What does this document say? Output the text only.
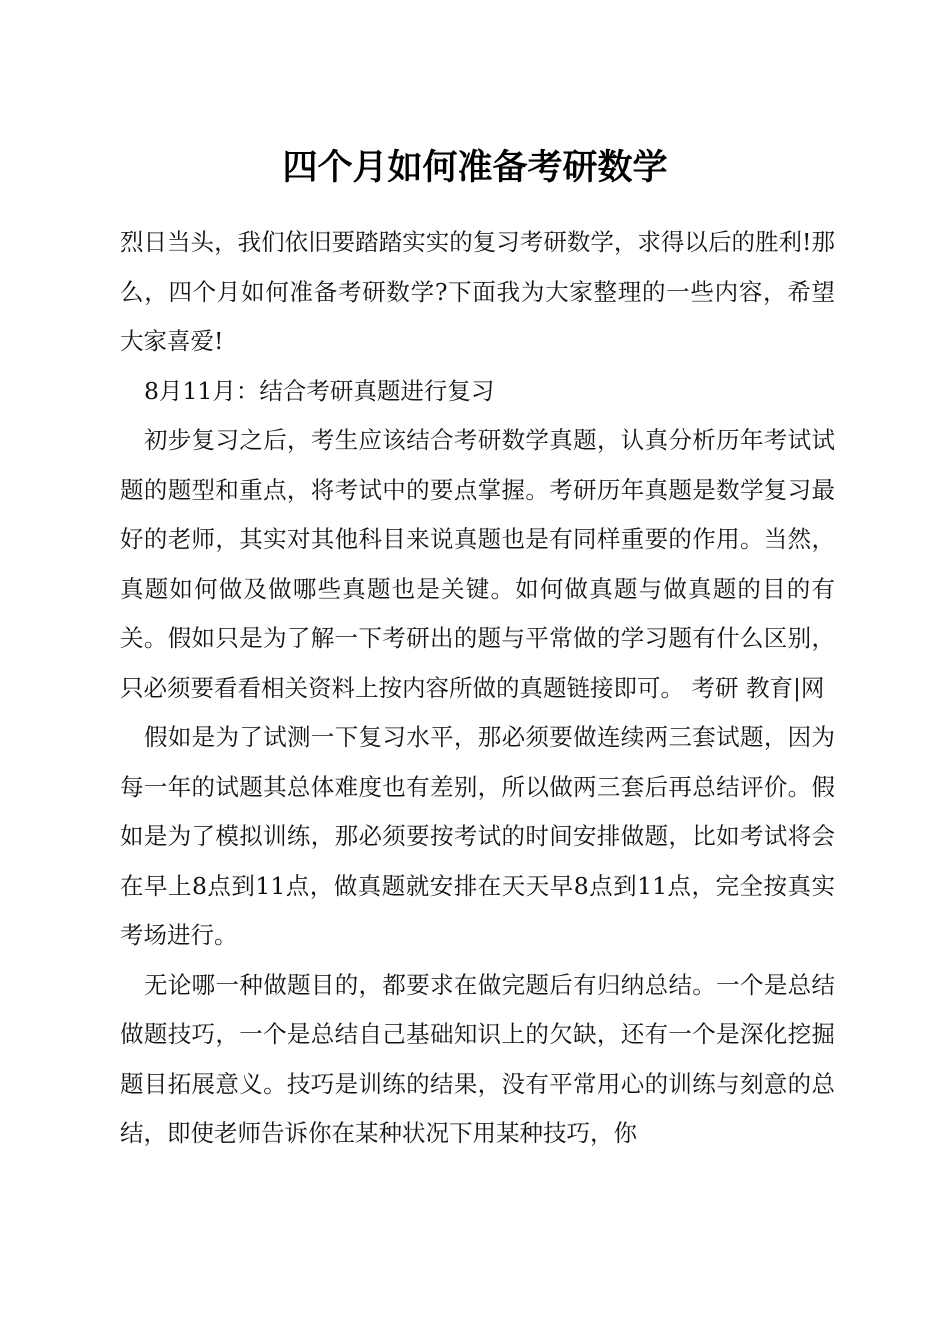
四个月如何准备考研数学

烈日当头，我们依旧要踏踏实实的复习考研数学，求得以后的胜利!那么，四个月如何准备考研数学?下面我为大家整理的一些内容，希望大家喜爱!

8月11月：结合考研真题进行复习

初步复习之后，考生应该结合考研数学真题，认真分析历年考试试题的题型和重点，将考试中的要点掌握。考研历年真题是数学复习最好的老师，其实对其他科目来说真题也是有同样重要的作用。当然，真题如何做及做哪些真题也是关键。如何做真题与做真题的目的有关。假如只是为了解一下考研出的题与平常做的学习题有什么区别，只必须要看看相关资料上按内容所做的真题链接即可。 考研 教育|网

假如是为了试测一下复习水平，那必须要做连续两三套试题，因为每一年的试题其总体难度也有差别，所以做两三套后再总结评价。假如是为了模拟训练，那必须要按考试的时间安排做题，比如考试将会在早上8点到11点，做真题就安排在天天早8点到11点，完全按真实考场进行。

无论哪一种做题目的，都要求在做完题后有归纳总结。一个是总结做题技巧，一个是总结自己基础知识上的欠缺，还有一个是深化挖掘题目拓展意义。技巧是训练的结果，没有平常用心的训练与刻意的总结，即使老师告诉你在某种状况下用某种技巧，你
